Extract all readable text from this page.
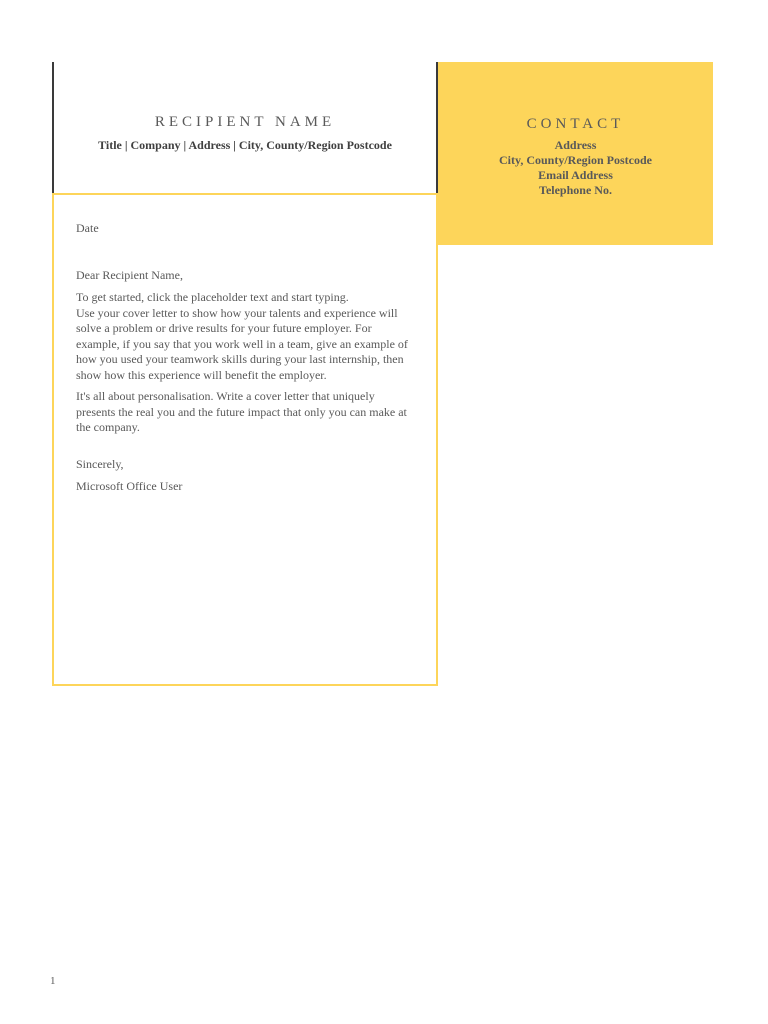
RECIPIENT NAME
Title | Company | Address | City, County/Region Postcode
CONTACT
Address
City, County/Region Postcode
Email Address
Telephone No.

Date

Dear Recipient Name,

To get started, click the placeholder text and start typing.

Use your cover letter to show how your talents and experience will solve a problem or drive results for your future employer. For example, if you say that you work well in a team, give an example of how you used your teamwork skills during your last internship, then show how this experience will benefit the employer.

It's all about personalisation. Write a cover letter that uniquely presents the real you and the future impact that only you can make at the company.

Sincerely,

Microsoft Office User

1
